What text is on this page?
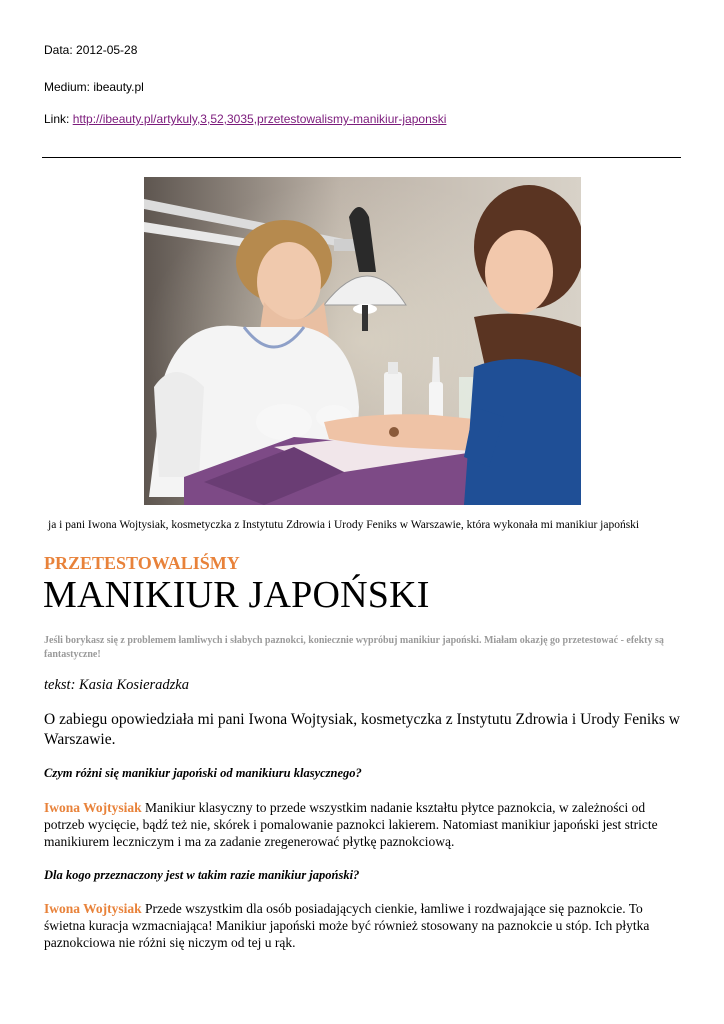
Data: 2012-05-28
Medium: ibeauty.pl
Link: http://ibeauty.pl/artykuly,3,52,3035,przetestowalismy-manikiur-japonski
ja i pani Iwona Wojtysiak, kosmetyczka z Instytutu Zdrowia i Urody Feniks w Warszawie, która wykonała mi manikiur japoński
PRZETESTOWALIŚMY
MANIKIUR JAPOŃSKI
Jeśli borykasz się z problemem łamliwych i słabych paznokci, koniecznie wypróbuj manikiur japoński. Miałam okazję go przetestować - efekty są fantastyczne!
tekst: Kasia Kosieradzka
O zabiegu opowiedziała mi pani Iwona Wojtysiak, kosmetyczka z Instytutu Zdrowia i Urody Feniks w Warszawie.
Czym różni się manikiur japoński od manikiuru klasycznego?
Iwona Wojtysiak Manikiur klasyczny to przede wszystkim nadanie kształtu płytce paznokcia, w zależności od potrzeb wycięcie, bądź też nie, skórek i pomalowanie paznokci lakierem. Natomiast manikiur japoński jest stricte manikiurem leczniczym i ma za zadanie zregenerować płytkę paznokciową.
Dla kogo przeznaczony jest w takim razie manikiur japoński?
Iwona Wojtysiak Przede wszystkim dla osób posiadających cienkie, łamliwe i rozdwajające się paznokcie. To świetna kuracja wzmacniająca! Manikiur japoński może być również stosowany na paznokcie u stóp. Ich płytka paznokciowa nie różni się niczym od tej u rąk.
